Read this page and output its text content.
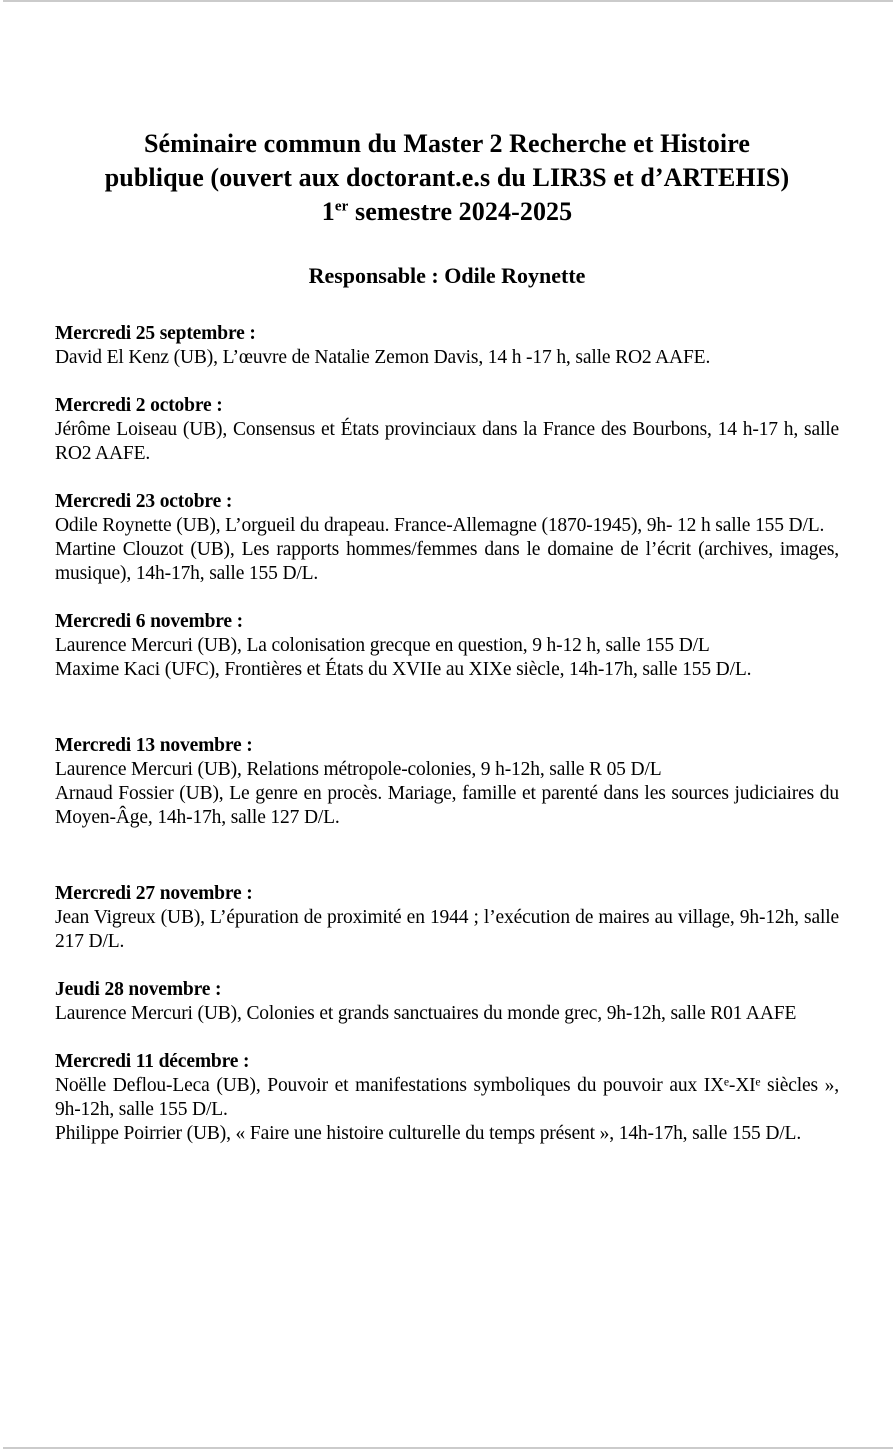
Séminaire commun du Master 2 Recherche et Histoire
publique (ouvert aux doctorant.e.s du LIR3S et d’ARTEHIS)
1er semestre 2024-2025
Responsable : Odile Roynette

Mercredi 25 septembre :

David El Kenz (UB), L’œuvre de Natalie Zemon Davis, 14 h -17 h, salle RO2 AAFE.

Mercredi 2 octobre :

Jérôme Loiseau (UB), Consensus et États provinciaux dans la France des Bourbons, 14 h-17 h, salle RO2 AAFE.

Mercredi 23 octobre :

Odile Roynette (UB), L’orgueil du drapeau. France-Allemagne (1870-1945), 9h- 12 h salle 155 D/L.

Martine Clouzot (UB), Les rapports hommes/femmes dans le domaine de l’écrit (archives, images, musique), 14h-17h, salle 155 D/L.

Mercredi 6 novembre :

Laurence Mercuri (UB), La colonisation grecque en question, 9 h-12 h, salle 155 D/L

Maxime Kaci (UFC), Frontières et États du XVIIe au XIXe siècle, 14h-17h, salle 155 D/L.

Mercredi 13 novembre :

Laurence Mercuri (UB), Relations métropole-colonies, 9 h-12h, salle R 05 D/L

Arnaud Fossier (UB), Le genre en procès. Mariage, famille et parenté dans les sources judiciaires du Moyen-Âge, 14h-17h, salle 127 D/L.

Mercredi 27 novembre :

Jean Vigreux (UB), L’épuration de proximité en 1944 ; l’exécution de maires au village, 9h-12h, salle 217 D/L.

Jeudi 28 novembre :

Laurence Mercuri (UB), Colonies et grands sanctuaires du monde grec, 9h-12h, salle R01 AAFE

Mercredi 11 décembre :

Noëlle Deflou-Leca (UB), Pouvoir et manifestations symboliques du pouvoir aux IXᵉ-XIᵉ siècles », 9h-12h, salle 155 D/L.

Philippe Poirrier (UB), « Faire une histoire culturelle du temps présent », 14h-17h, salle 155 D/L.
